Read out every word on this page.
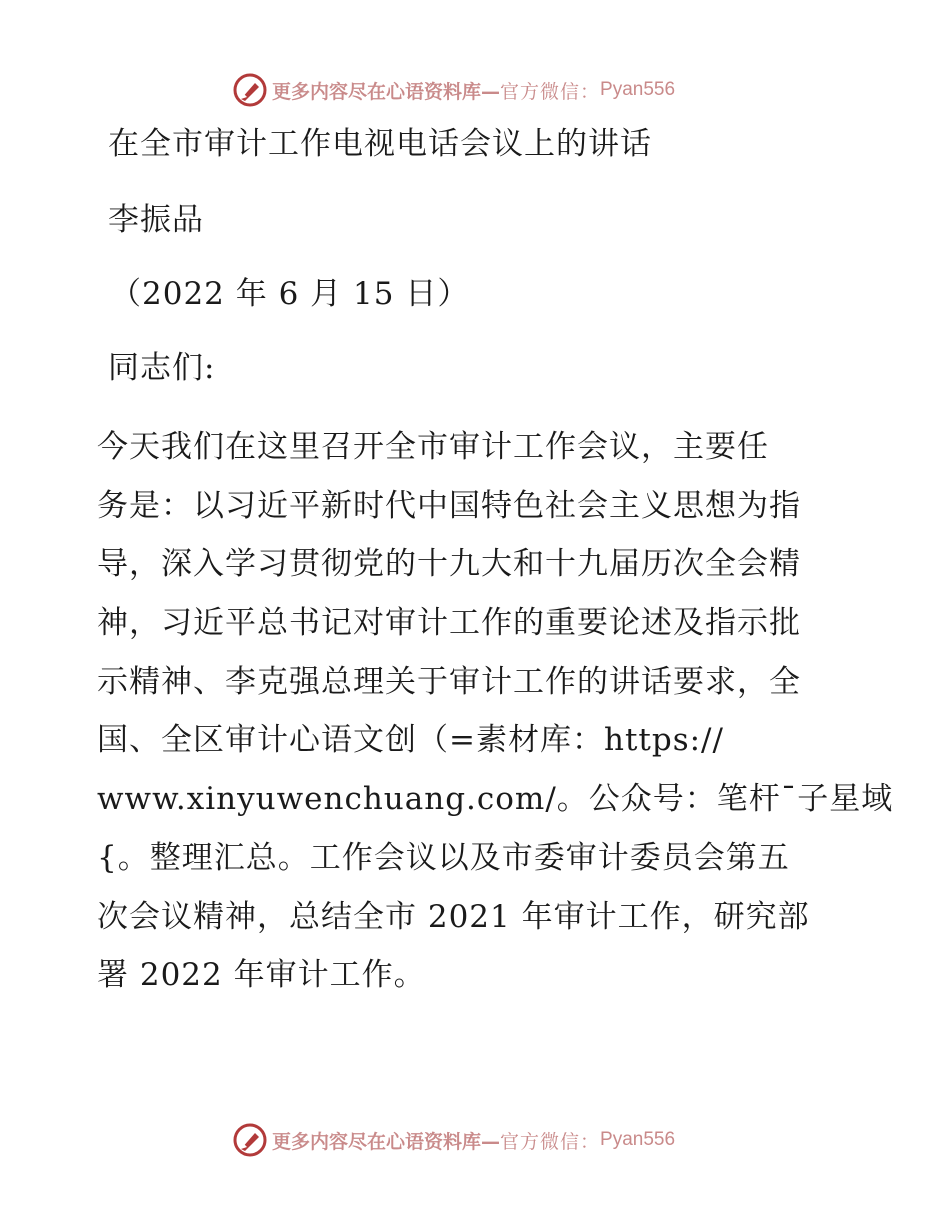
更多内容尽在心语资料库— 官方微信： Pyan556
在全市审计工作电视电话会议上的讲话
李振品
（2022 年 6 月 15 日）
同志们:
今天我们在这里召开全市审计工作会议，主要任
务是：以习近平新时代中国特色社会主义思想为指
导，深入学习贯彻党的十九大和十九届历次全会精
神，习近平总书记对审计工作的重要论述及指示批
示精神、李克强总理关于审计工作的讲话要求，全
国、全区审计心语文创（=素材库：https://
www.xinyuwenchuang.com/。公众号：笔杆¯子星域
{。整理汇总。工作会议以及市委审计委员会第五
次会议精神，总结全市 2021 年审计工作，研究部
署 2022 年审计工作。
更多内容尽在心语资料库— 官方微信： Pyan556
